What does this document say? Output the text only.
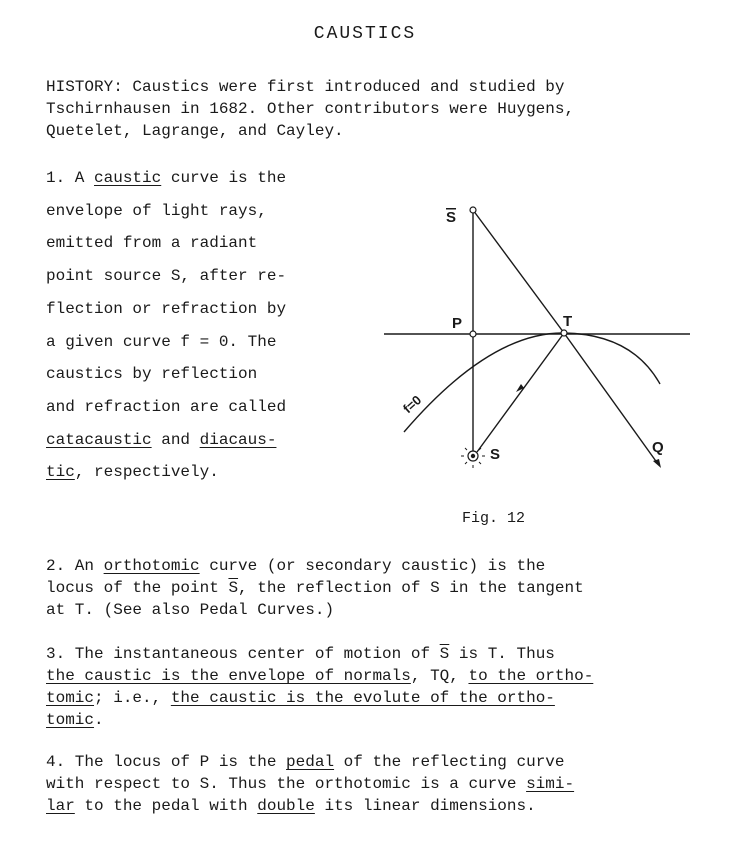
CAUSTICS
HISTORY: Caustics were first introduced and studied by
Tschirnhausen in 1682. Other contributors were Huygens,
Quetelet, Lagrange, and Cayley.
1. A caustic curve is the
envelope of light rays,
emitted from a radiant
point source S, after re-
flection or refraction by
a given curve f = 0. The
caustics by reflection
and refraction are called
catacaustic and diacaus-
tic, respectively.
S
P	T
f=0
S	Q
Fig. 12
2. An orthotomic curve (or secondary caustic) is the
locus of the point $\overline{S}$, the reflection of S in the tangent
at T. (See also Pedal Curves.)
3. The instantaneous center of motion of $\overline{S}$ is T. Thus
the caustic is the envelope of normals, TQ, to the ortho-
tomic; i.e., the caustic is the evolute of the ortho-
tomic.
4. The locus of P is the pedal of the reflecting curve
with respect to S. Thus the orthotomic is a curve simi-
lar to the pedal with double its linear dimensions.
